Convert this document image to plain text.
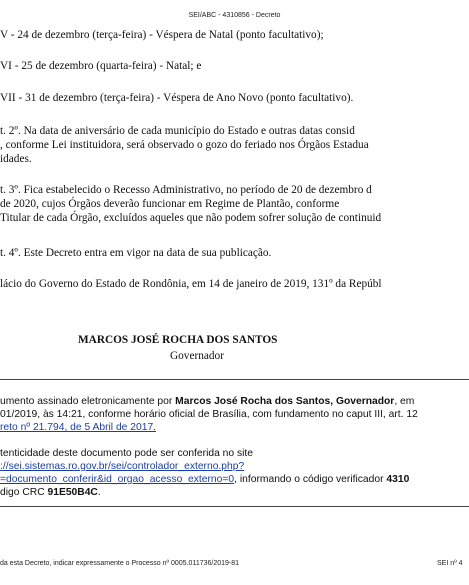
SEI/ABC - 4310856 - Decreto
V - 24 de dezembro (terça-feira) - Véspera de Natal (ponto facultativo);
VI - 25 de dezembro (quarta-feira) - Natal; e
VII - 31 de dezembro (terça-feira) - Véspera de Ano Novo (ponto facultativo).
t. 2º. Na data de aniversário de cada município do Estado e outras datas consid
, conforme Lei instituidora, será observado o gozo do feriado nos Órgãos Estadua
idades.
t. 3º. Fica estabelecido o Recesso Administrativo, no período de 20 de dezembro d
de 2020, cujos Órgãos deverão funcionar em Regime de Plantão, conforme
Titular de cada Órgão, excluídos aqueles que não podem sofrer solução de continuid
t. 4º. Este Decreto entra em vigor na data de sua publicação.
lácio do Governo do Estado de Rondônia, em 14 de janeiro de 2019, 131º da Repúbl
MARCOS JOSÉ ROCHA DOS SANTOS
Governador
umento assinado eletronicamente por Marcos José Rocha dos Santos, Governador, em
01/2019, às 14:21, conforme horário oficial de Brasília, com fundamento no caput III, art. 12
reto nº 21.794, de 5 Abril de 2017.
tenticidade deste documento pode ser conferida no site
://sei.sistemas.ro.gov.br/sei/controlador_externo.php?
=documento_conferir&id_orgao_acesso_externo=0, informando o código verificador 4310
digo CRC 91E50B4C.
da esta Decreto, indicar expressamente o Processo nº 0005.011736/2019-81	SEI nº 4
